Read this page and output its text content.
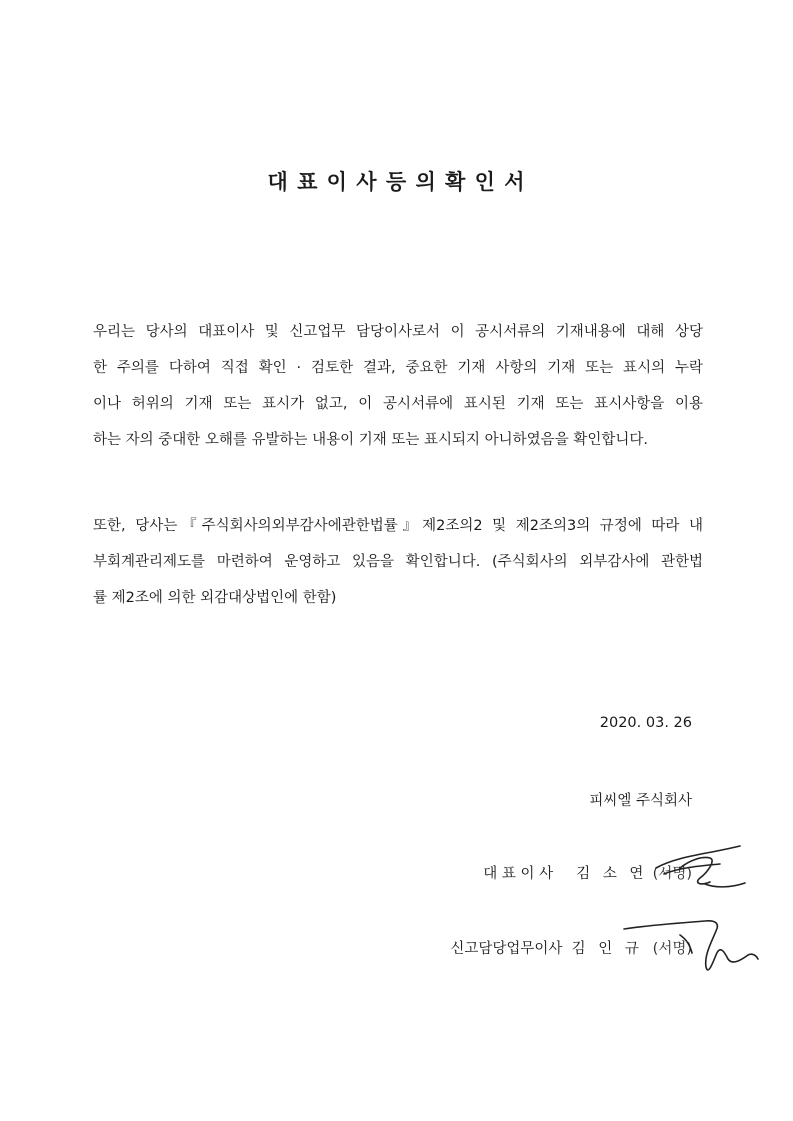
대 표 이 사 등 의 확 인 서

우리는 당사의 대표이사 및 신고업무 담당이사로서 이 공시서류의 기재내용에 대해 상당
한 주의를 다하여 직접 확인 · 검토한 결과, 중요한 기재 사항의 기재 또는 표시의 누락
이나 허위의 기재 또는 표시가 없고, 이 공시서류에 표시된 기재 또는 표시사항을 이용
하는 자의 중대한 오해를 유발하는 내용이 기재 또는 표시되지 아니하였음을 확인합니다.

또한, 당사는『주식회사의외부감사에관한법률』제2조의2 및 제2조의3의 규정에 따라 내
부회계관리제도를 마련하여 운영하고 있음을 확인합니다. (주식회사의 외부감사에 관한법
률 제2조에 의한 외감대상법인에 한함)

2020. 03. 26
피씨엘 주식회사
대 표 이 사 김 소 연 (서명)
신고담당업무이사 김 인 규 (서명)
